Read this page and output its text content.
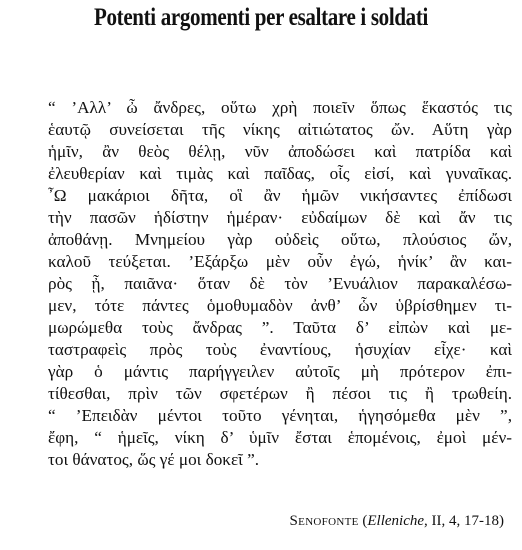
Potenti argomenti per esaltare i soldati
“ ’Αλλ’ ὦ ἄνδρες, οὕτω χρὴ ποιεῖν ὅπως ἕκαστός τις
ἑαυτῷ συνείσεται τῆς νίκης αἰτιώτατος ὤν. Αὕτη γὰρ
ἡμῖν, ἂν θεὸς θέλῃ, νῦν ἀποδώσει καὶ πατρίδα καὶ
ἐλευθερίαν καὶ τιμὰς καὶ παῖδας, οἷς εἰσί, καὶ γυναῖκας.
῏Ω μακάριοι δῆτα, οἳ ἂν ἡμῶν νικήσαντες ἐπίδωσι
τὴν πασῶν ἡδίστην ἡμέραν· εὐδαίμων δὲ καὶ ἄν τις
ἀποθάνῃ. Μνημείου γὰρ οὐδεὶς οὕτω, πλούσιος ὤν,
καλοῦ τεύξεται. ’Εξάρξω μὲν οὖν ἐγώ, ἡνίκ’ ἂν και-
ρὸς ᾖ, παιᾶνα· ὅταν δὲ τὸν ’Ενυάλιον παρακαλέσω-
μεν, τότε πάντες ὁμοθυμαδὸν ἀνθ’ ὧν ὑβρίσθημεν τι-
μωρώμεθα τοὺς ἄνδρας ”. Ταῦτα δ’ εἰπὼν καὶ με-
ταστραφεὶς πρὸς τοὺς ἐναντίους, ἡσυχίαν εἶχε· καὶ
γὰρ ὁ μάντις παρήγγειλεν αὐτοῖς μὴ πρότερον ἐπι-
τίθεσθαι, πρὶν τῶν σφετέρων ἢ πέσοι τις ἢ τρωθείη.
“ ’Επειδὰν μέντοι τοῦτο γένηται, ἡγησόμεθα μὲν ”,
ἔφη, “ ἡμεῖς, νίκη δ’ ὑμῖν ἔσται ἑπομένοις, ἐμοὶ μέν-
τοι θάνατος, ὥς γέ μοι δοκεῖ ”.
Senofonte (Elleniche, II, 4, 17-18)
